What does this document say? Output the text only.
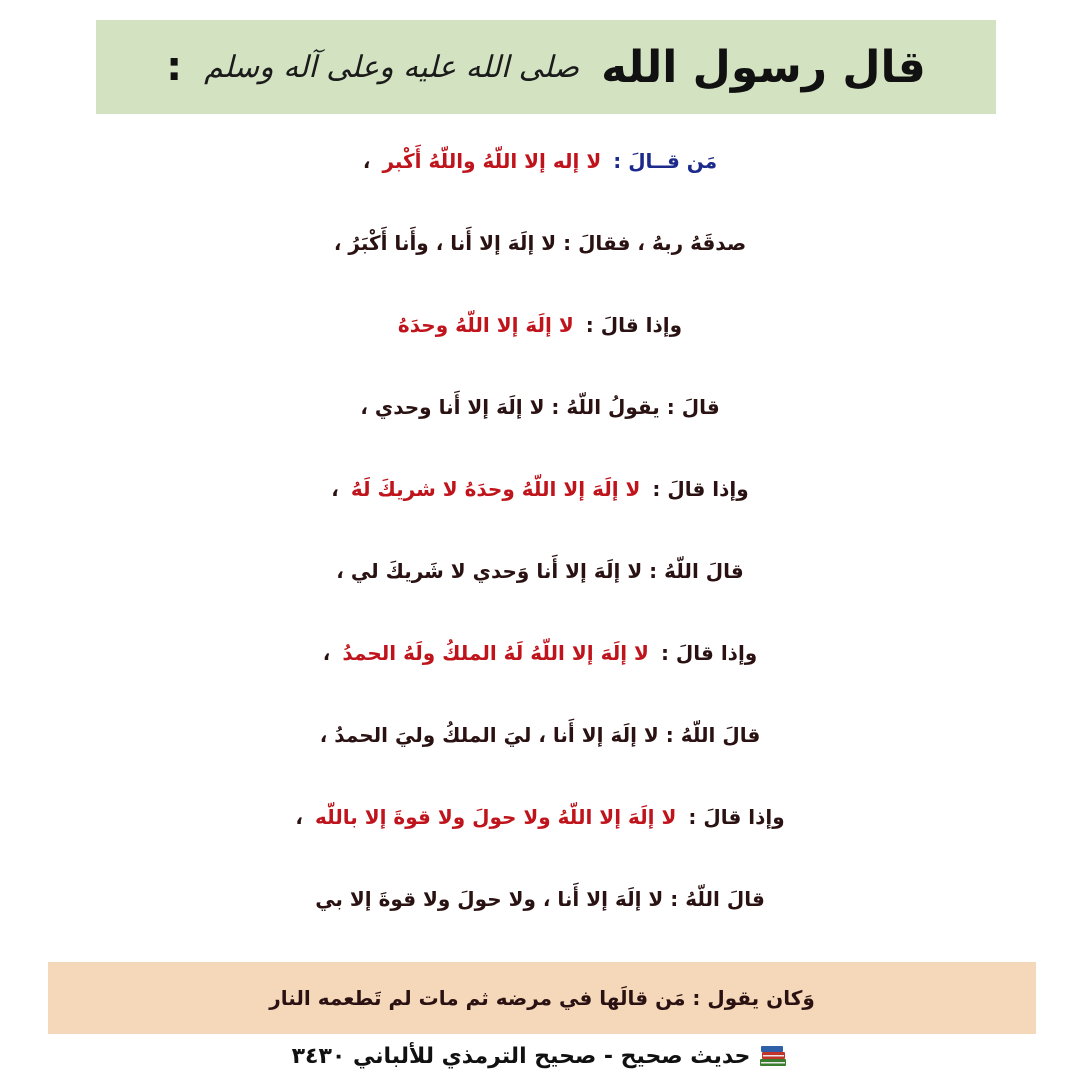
قال رسول الله
صلى الله عليه وعلى آله وسلم
:
مَن قــالَ :
لا إله إلا اللّهُ واللّهُ أَكْبر
،
صدقَهُ ربهُ ، فقالَ : لا إلَهَ إلا أَنا ، وأَنا أَكْبَرُ ،
وإذا قالَ :
لا إلَهَ إلا اللّهُ وحدَهُ
قالَ : يقولُ اللّهُ : لا إلَهَ إلا أَنا وحدي ،
وإذا قالَ :
لا إلَهَ إلا اللّهُ وحدَهُ لا شريكَ لَهُ
،
قالَ اللّهُ : لا إلَهَ إلا أَنا وَحدي لا شَريكَ لي ،
وإذا قالَ :
لا إلَهَ إلا اللّهُ لَهُ الملكُ ولَهُ الحمدُ
،
قالَ اللّهُ : لا إلَهَ إلا أَنا ، ليَ الملكُ وليَ الحمدُ ،
وإذا قالَ :
لا إلَهَ إلا اللّهُ ولا حولَ ولا قوةَ إلا باللّه
،
قالَ اللّهُ : لا إلَهَ إلا أَنا ، ولا حولَ ولا قوةَ إلا بي
وَكان يقول : مَن قالَها في مرضه ثم مات لم تَطعمه النار
حديث صحيح - صحيح الترمذي للألباني ٣٤٣٠
